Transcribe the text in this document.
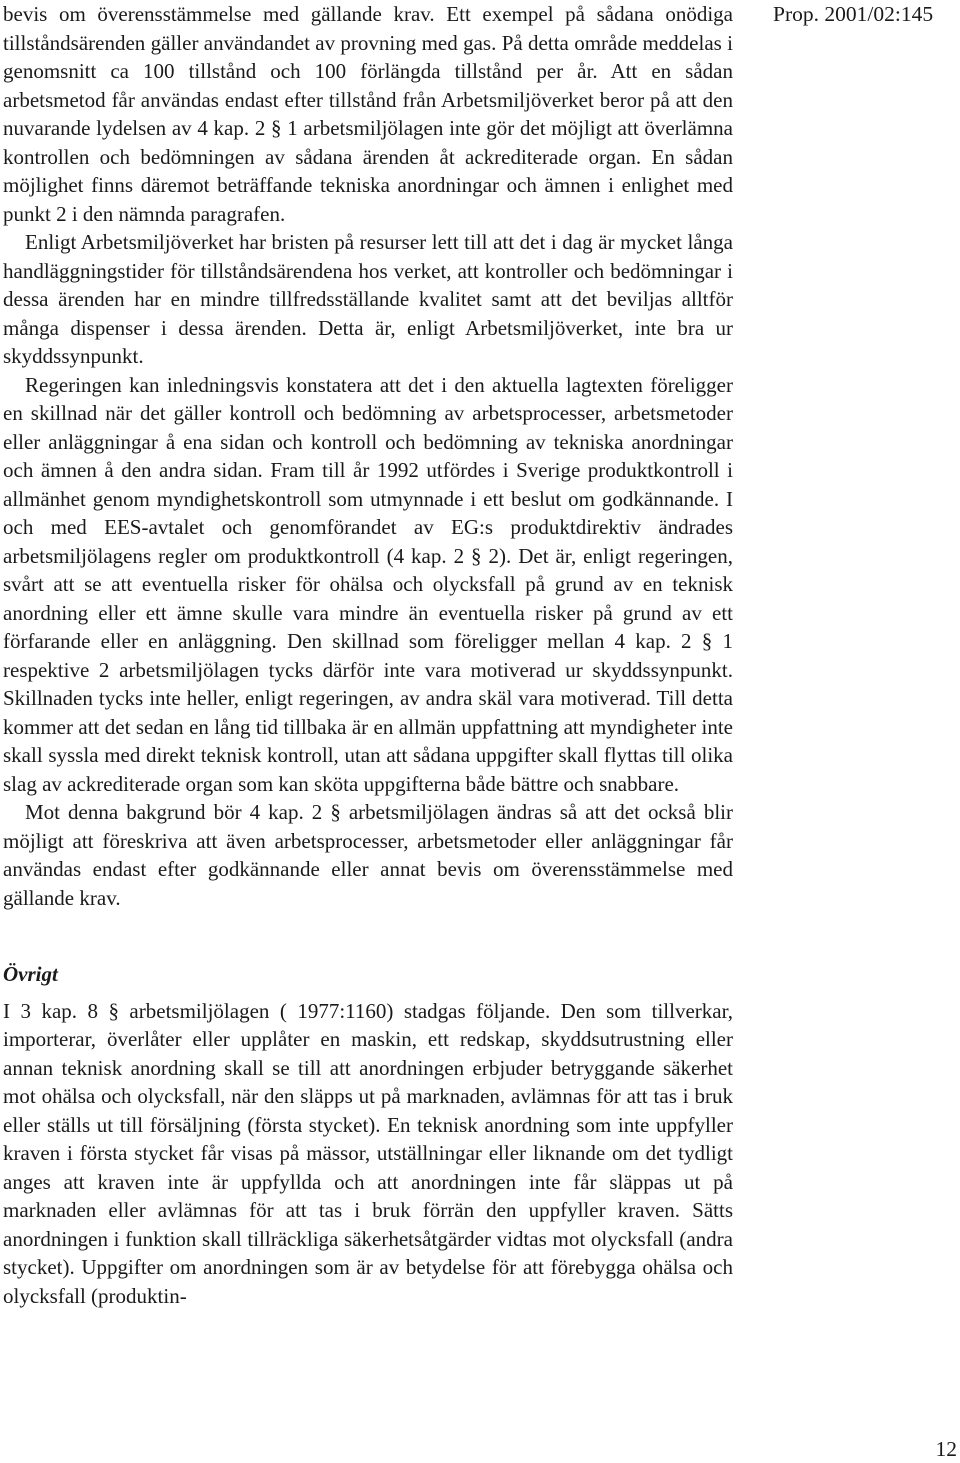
Prop. 2001/02:145

bevis om överensstämmelse med gällande krav. Ett exempel på sådana onödiga tillståndsärenden gäller användandet av provning med gas. På detta område meddelas i genomsnitt ca 100 tillstånd och 100 förlängda tillstånd per år. Att en sådan arbetsmetod får användas endast efter tillstånd från Arbetsmiljöverket beror på att den nuvarande lydelsen av 4 kap. 2 § 1 arbetsmiljölagen inte gör det möjligt att överlämna kontrollen och bedömningen av sådana ärenden åt ackrediterade organ. En sådan möjlighet finns däremot beträffande tekniska anordningar och ämnen i enlighet med punkt 2 i den nämnda paragrafen.

Enligt Arbetsmiljöverket har bristen på resurser lett till att det i dag är mycket långa handläggningstider för tillståndsärendena hos verket, att kontroller och bedömningar i dessa ärenden har en mindre tillfredsställande kvalitet samt att det beviljas alltför många dispenser i dessa ärenden. Detta är, enligt Arbetsmiljöverket, inte bra ur skyddssynpunkt.

Regeringen kan inledningsvis konstatera att det i den aktuella lagtexten föreligger en skillnad när det gäller kontroll och bedömning av arbetsprocesser, arbetsmetoder eller anläggningar å ena sidan och kontroll och bedömning av tekniska anordningar och ämnen å den andra sidan. Fram till år 1992 utfördes i Sverige produktkontroll i allmänhet genom myndighetskontroll som utmynnade i ett beslut om godkännande. I och med EES-avtalet och genomförandet av EG:s produktdirektiv ändrades arbetsmiljölagens regler om produktkontroll (4 kap. 2 § 2). Det är, enligt regeringen, svårt att se att eventuella risker för ohälsa och olycksfall på grund av en teknisk anordning eller ett ämne skulle vara mindre än eventuella risker på grund av ett förfarande eller en anläggning. Den skillnad som föreligger mellan 4 kap. 2 § 1 respektive 2 arbetsmiljölagen tycks därför inte vara motiverad ur skyddssynpunkt. Skillnaden tycks inte heller, enligt regeringen, av andra skäl vara motiverad. Till detta kommer att det sedan en lång tid tillbaka är en allmän uppfattning att myndigheter inte skall syssla med direkt teknisk kontroll, utan att sådana uppgifter skall flyttas till olika slag av ackrediterade organ som kan sköta uppgifterna både bättre och snabbare.

Mot denna bakgrund bör 4 kap. 2 § arbetsmiljölagen ändras så att det också blir möjligt att föreskriva att även arbetsprocesser, arbetsmetoder eller anläggningar får användas endast efter godkännande eller annat bevis om överensstämmelse med gällande krav.

Övrigt

I 3 kap. 8 § arbetsmiljölagen ( 1977:1160) stadgas följande. Den som tillverkar, importerar, överlåter eller upplåter en maskin, ett redskap, skyddsutrustning eller annan teknisk anordning skall se till att anordningen erbjuder betryggande säkerhet mot ohälsa och olycksfall, när den släpps ut på marknaden, avlämnas för att tas i bruk eller ställs ut till försäljning (första stycket). En teknisk anordning som inte uppfyller kraven i första stycket får visas på mässor, utställningar eller liknande om det tydligt anges att kraven inte är uppfyllda och att anordningen inte får släppas ut på marknaden eller avlämnas för att tas i bruk förrän den uppfyller kraven. Sätts anordningen i funktion skall tillräckliga säkerhetsåtgärder vidtas mot olycksfall (andra stycket). Uppgifter om anordningen som är av betydelse för att förebygga ohälsa och olycksfall (produktin-

12
